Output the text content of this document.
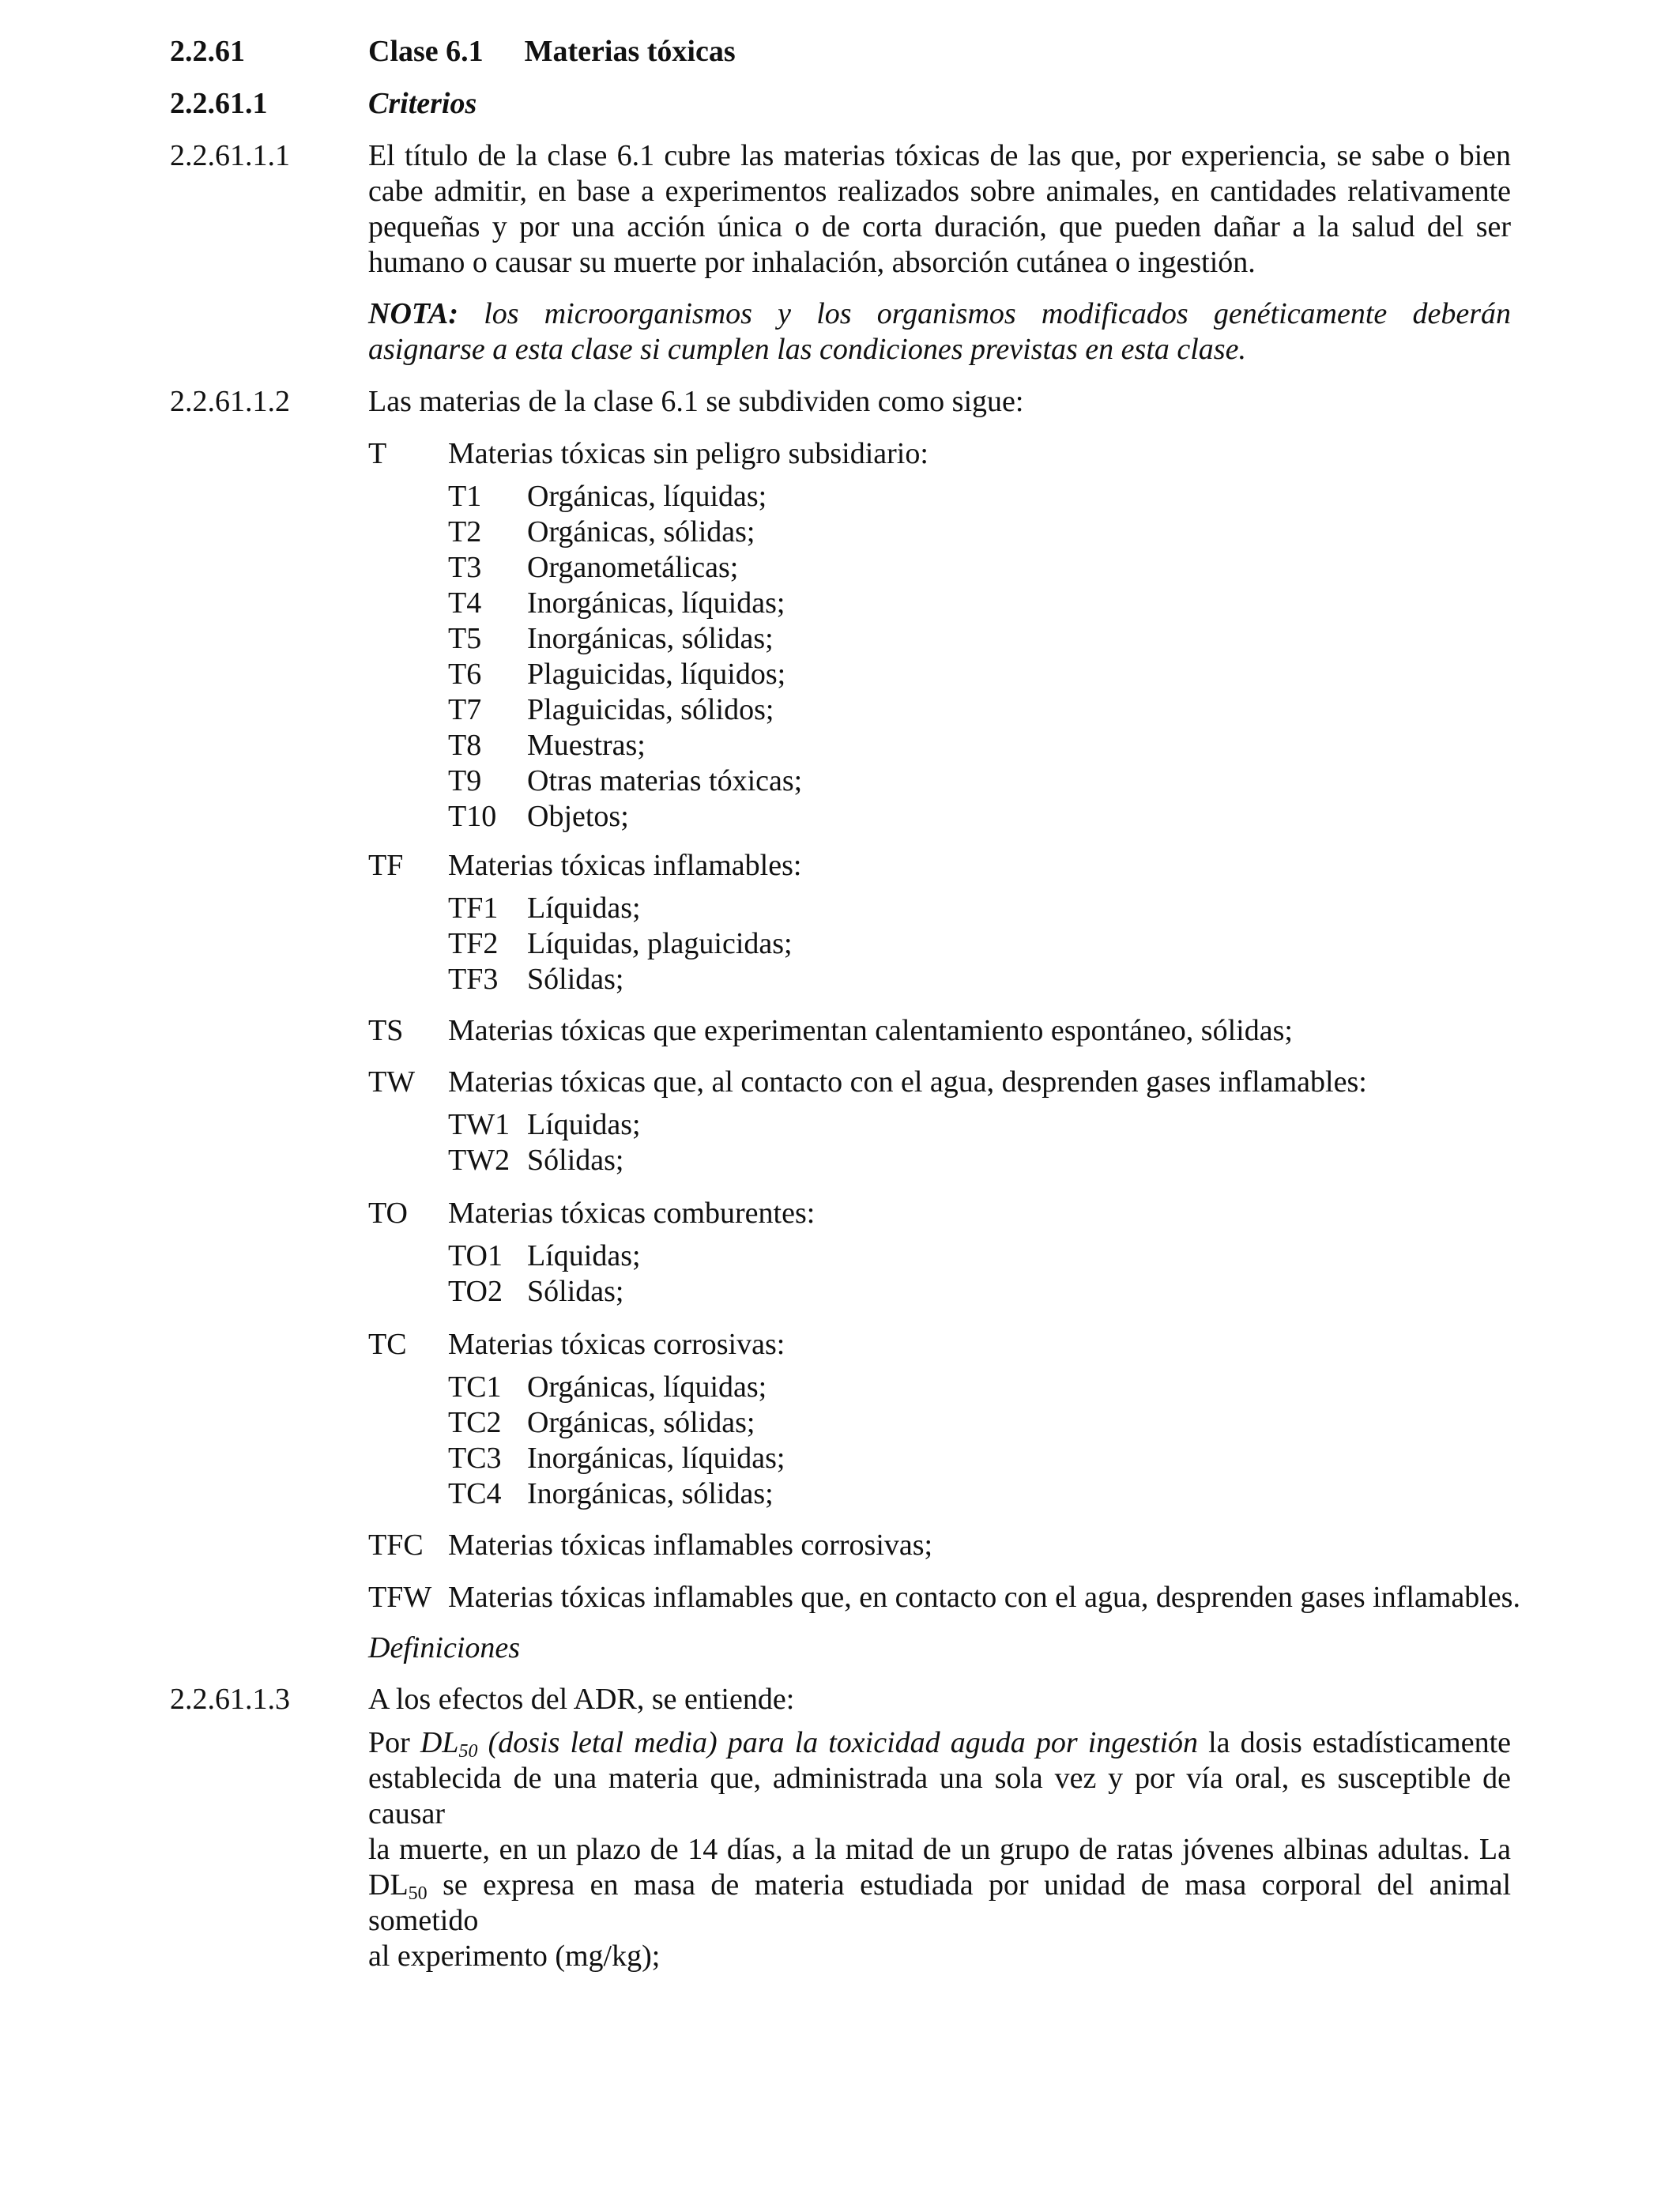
2.2.61	Clase 6.1 Materias tóxicas
2.2.61.1	Criterios
2.2.61.1.1	El título de la clase 6.1 cubre las materias tóxicas de las que, por experiencia, se sabe o bien
cabe admitir, en base a experimentos realizados sobre animales, en cantidades relativamente
pequeñas y por una acción única o de corta duración, que pueden dañar a la salud del ser
humano o causar su muerte por inhalación, absorción cutánea o ingestión.
NOTA: los microorganismos y los organismos modificados genéticamente deberán
asignarse a esta clase si cumplen las condiciones previstas en esta clase.
2.2.61.1.2	Las materias de la clase 6.1 se subdividen como sigue:
T Materias tóxicas sin peligro subsidiario:
T1 Orgánicas, líquidas;
T2 Orgánicas, sólidas;
T3 Organometálicas;
T4 Inorgánicas, líquidas;
T5 Inorgánicas, sólidas;
T6 Plaguicidas, líquidos;
T7 Plaguicidas, sólidos;
T8 Muestras;
T9 Otras materias tóxicas;
T10 Objetos;
TF Materias tóxicas inflamables:
TF1 Líquidas;
TF2 Líquidas, plaguicidas;
TF3 Sólidas;
TS Materias tóxicas que experimentan calentamiento espontáneo, sólidas;
TW Materias tóxicas que, al contacto con el agua, desprenden gases inflamables:
TW1 Líquidas;
TW2 Sólidas;
TO Materias tóxicas comburentes:
TO1 Líquidas;
TO2 Sólidas;
TC Materias tóxicas corrosivas:
TC1 Orgánicas, líquidas;
TC2 Orgánicas, sólidas;
TC3 Inorgánicas, líquidas;
TC4 Inorgánicas, sólidas;
TFC Materias tóxicas inflamables corrosivas;
TFW Materias tóxicas inflamables que, en contacto con el agua, desprenden gases inflamables.
Definiciones
2.2.61.1.3	A los efectos del ADR, se entiende:
Por $DL_{50}$ (dosis letal media) para la toxicidad aguda por ingestión la dosis estadísticamente
establecida de una materia que, administrada una sola vez y por vía oral, es susceptible de causar
la muerte, en un plazo de 14 días, a la mitad de un grupo de ratas jóvenes albinas adultas. La
$DL_{50}$ se expresa en masa de materia estudiada por unidad de masa corporal del animal sometido
al experimento (mg/kg);
